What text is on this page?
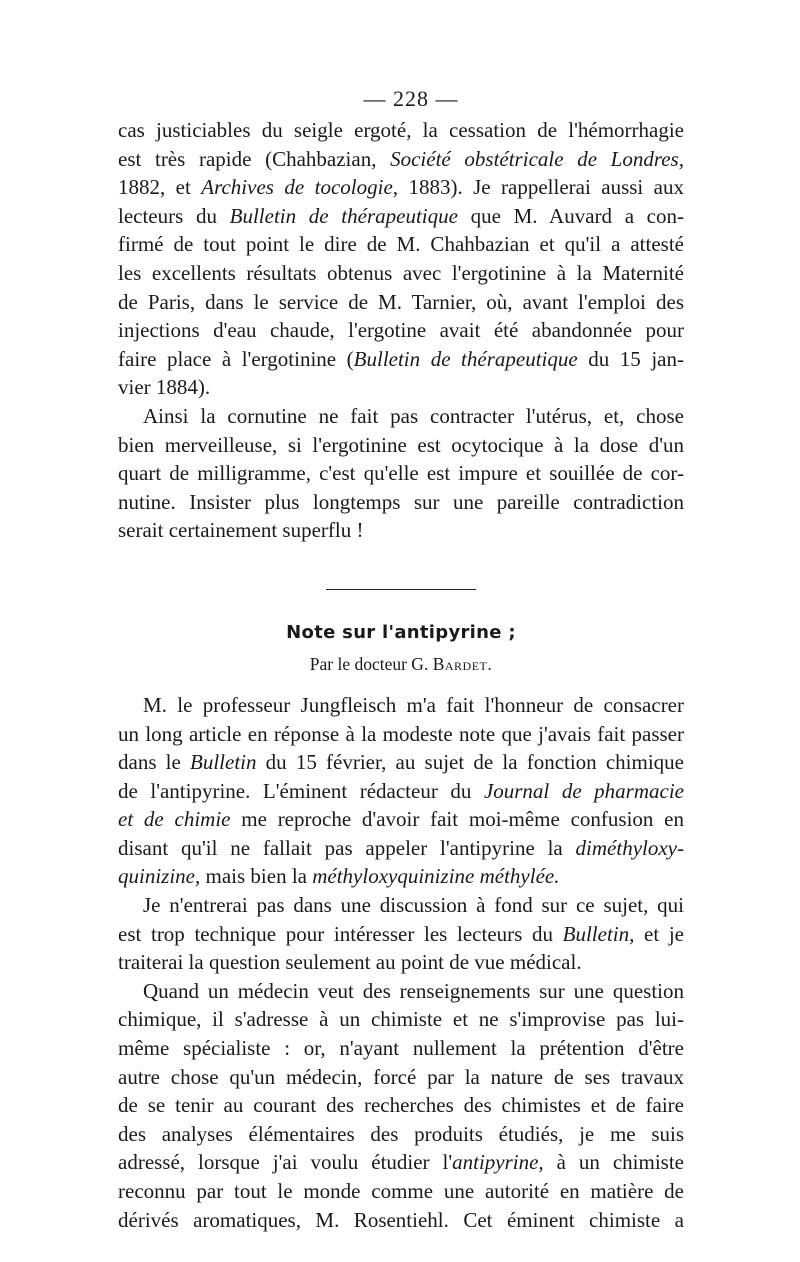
— 228 —
cas justiciables du seigle ergoté, la cessation de l'hémorrhagie
est très rapide (Chahbazian, Société obstétricale de Londres,
1882, et Archives de tocologie, 1883). Je rappellerai aussi aux
lecteurs du Bulletin de thérapeutique que M. Auvard a con-
firmé de tout point le dire de M. Chahbazian et qu'il a attesté
les excellents résultats obtenus avec l'ergotinine à la Maternité
de Paris, dans le service de M. Tarnier, où, avant l'emploi des
injections d'eau chaude, l'ergotine avait été abandonnée pour
faire place à l'ergotinine (Bulletin de thérapeutique du 15 jan-
vier 1884).
Ainsi la cornutine ne fait pas contracter l'utérus, et, chose
bien merveilleuse, si l'ergotinine est ocytocique à la dose d'un
quart de milligramme, c'est qu'elle est impure et souillée de cor-
nutine. Insister plus longtemps sur une pareille contradiction
serait certainement superflu !
Note sur l'antipyrine ;
Par le docteur G. Bardet.
M. le professeur Jungfleisch m'a fait l'honneur de consacrer
un long article en réponse à la modeste note que j'avais fait passer
dans le Bulletin du 15 février, au sujet de la fonction chimique
de l'antipyrine. L'éminent rédacteur du Journal de pharmacie
et de chimie me reproche d'avoir fait moi-même confusion en
disant qu'il ne fallait pas appeler l'antipyrine la diméthyloxy-
quinizine, mais bien la méthyloxyquinizine méthylée.
Je n'entrerai pas dans une discussion à fond sur ce sujet, qui
est trop technique pour intéresser les lecteurs du Bulletin, et je
traiterai la question seulement au point de vue médical.
Quand un médecin veut des renseignements sur une question
chimique, il s'adresse à un chimiste et ne s'improvise pas lui-
même spécialiste : or, n'ayant nullement la prétention d'être
autre chose qu'un médecin, forcé par la nature de ses travaux
de se tenir au courant des recherches des chimistes et de faire
des analyses élémentaires des produits étudiés, je me suis
adressé, lorsque j'ai voulu étudier l'antipyrine, à un chimiste
reconnu par tout le monde comme une autorité en matière de
dérivés aromatiques, M. Rosentiehl. Cet éminent chimiste a
